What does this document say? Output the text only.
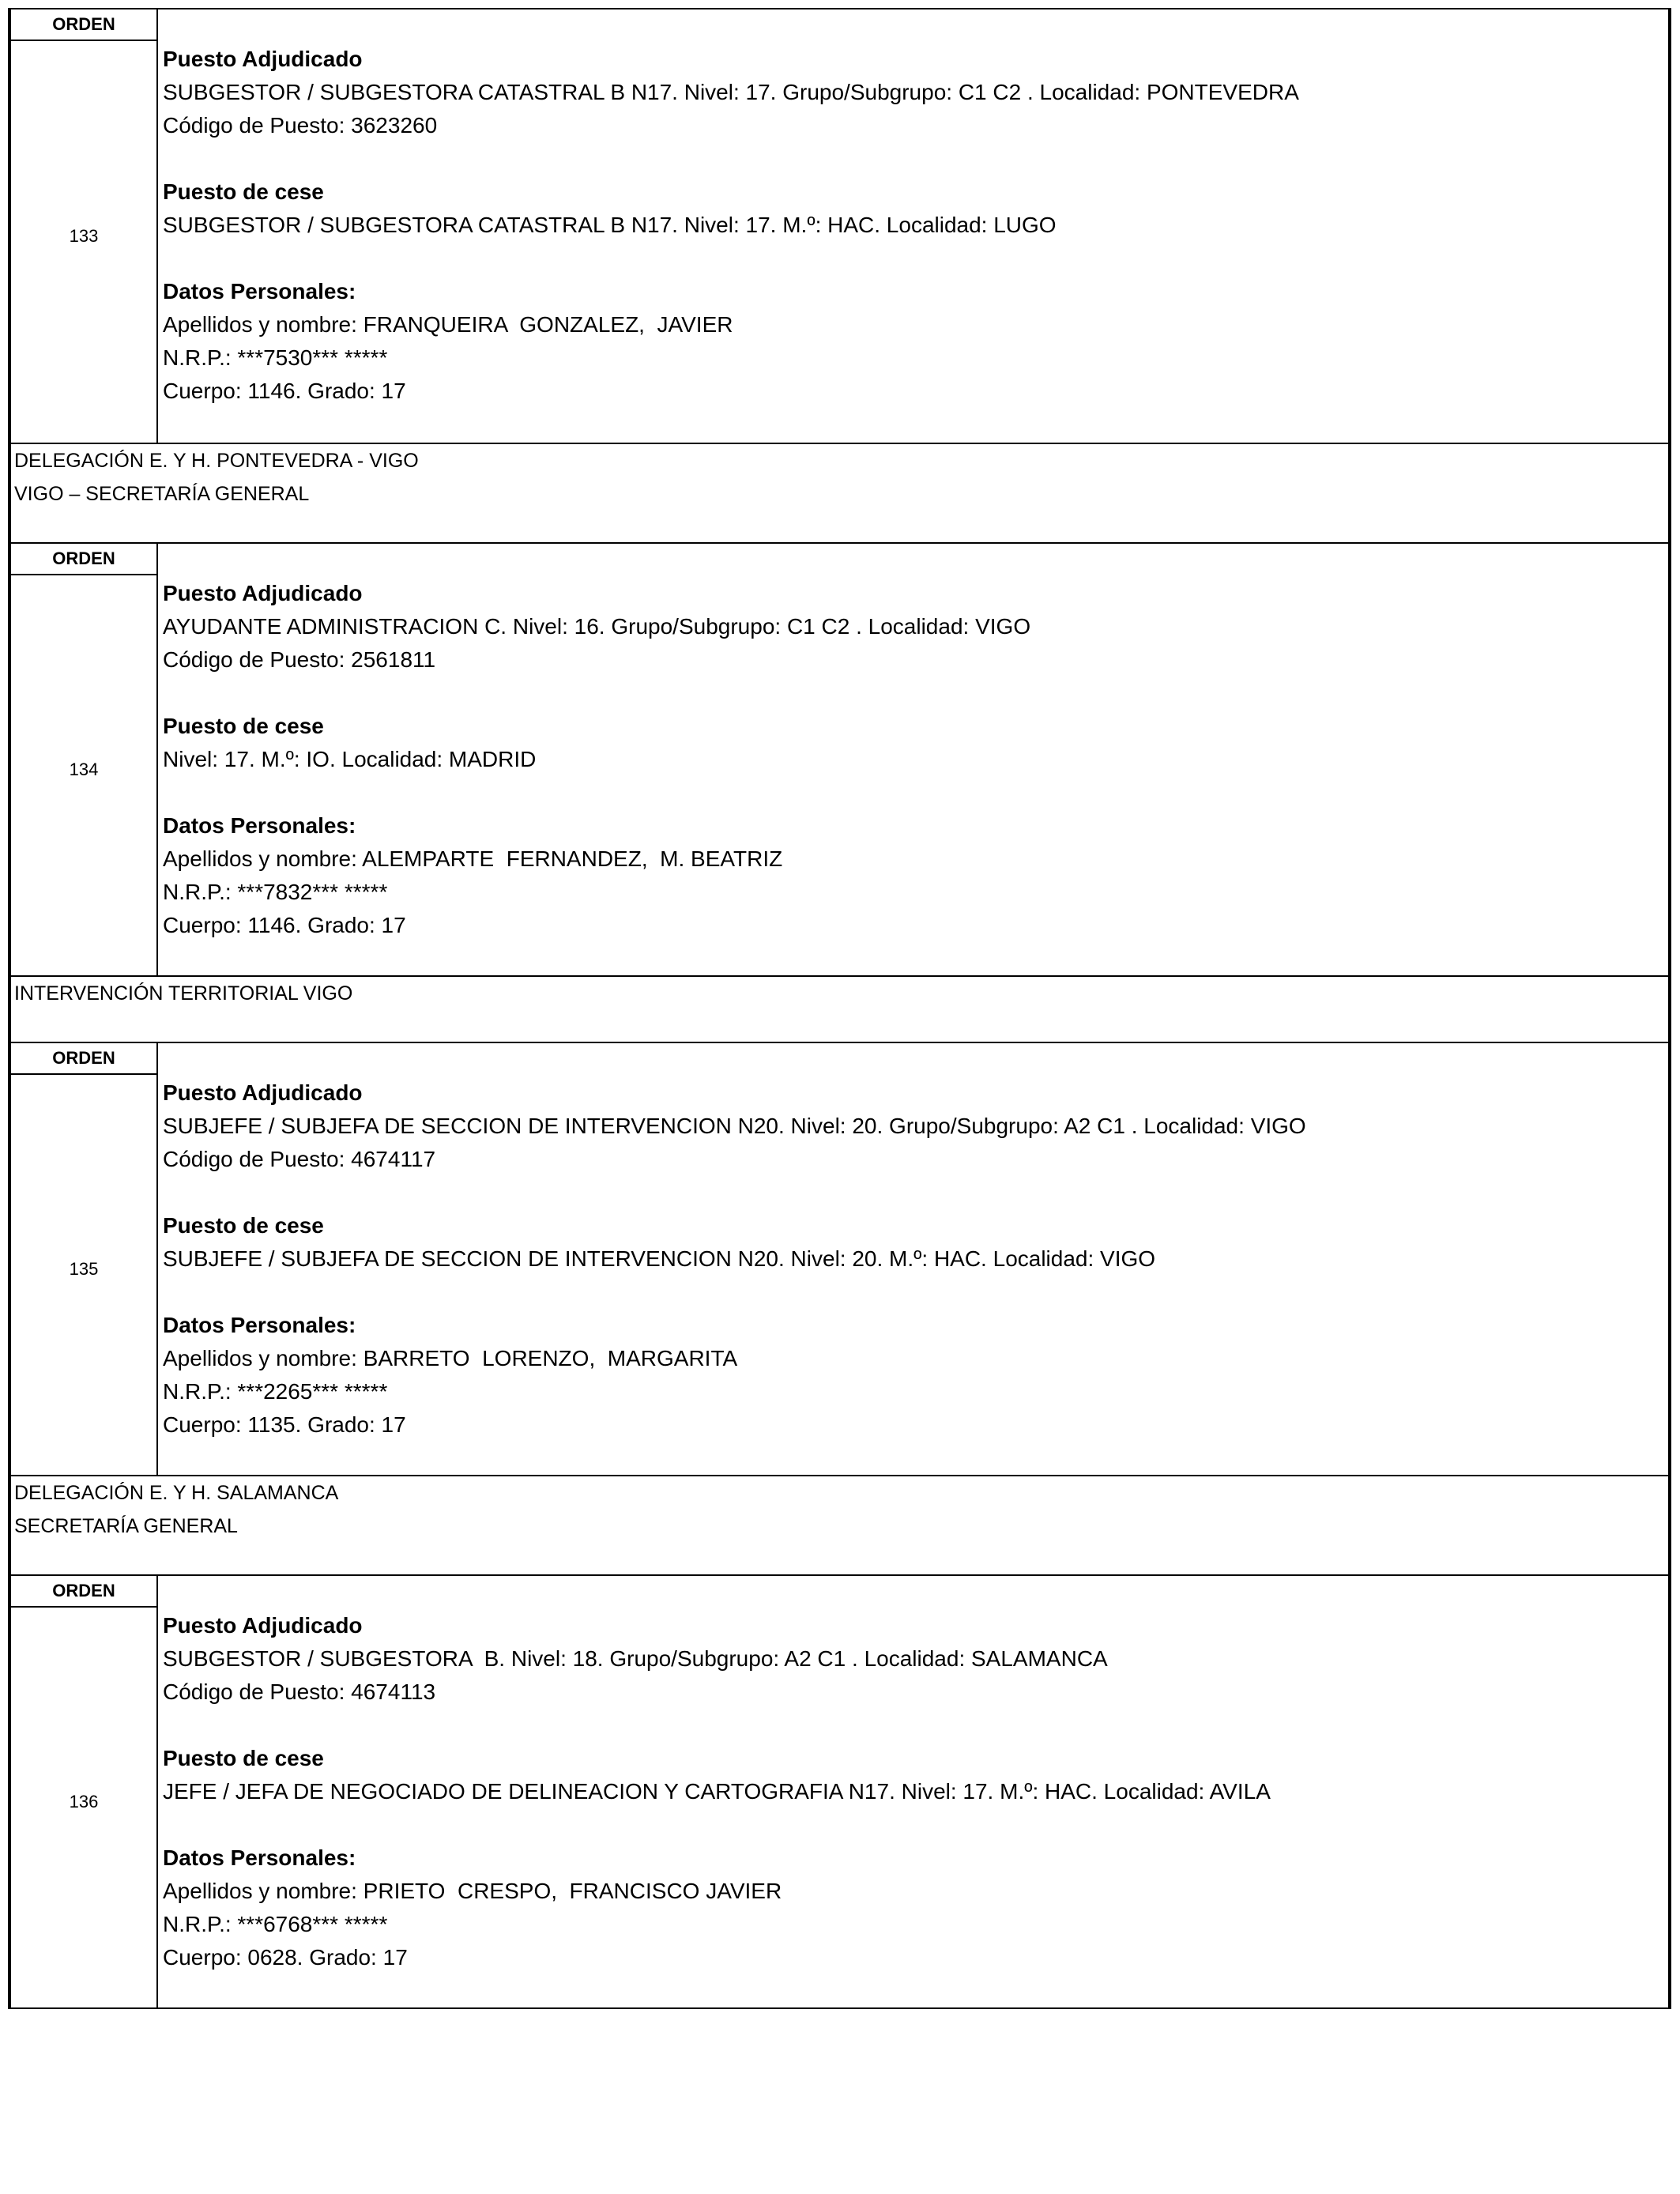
ORDEN
133
Puesto Adjudicado
SUBGESTOR / SUBGESTORA CATASTRAL B N17. Nivel: 17. Grupo/Subgrupo: C1 C2 . Localidad: PONTEVEDRA
Código de Puesto: 3623260
Puesto de cese
SUBGESTOR / SUBGESTORA CATASTRAL B N17. Nivel: 17. M.º: HAC. Localidad: LUGO
Datos Personales:
Apellidos y nombre: FRANQUEIRA  GONZALEZ,  JAVIER
N.R.P.: ***7530*** *****
Cuerpo: 1146. Grado: 17
DELEGACIÓN E. Y H. PONTEVEDRA - VIGO
VIGO – SECRETARÍA GENERAL
ORDEN
134
Puesto Adjudicado
AYUDANTE ADMINISTRACION C. Nivel: 16. Grupo/Subgrupo: C1 C2 . Localidad: VIGO
Código de Puesto: 2561811
Puesto de cese
Nivel: 17. M.º: IO. Localidad: MADRID
Datos Personales:
Apellidos y nombre: ALEMPARTE  FERNANDEZ,  M. BEATRIZ
N.R.P.: ***7832*** *****
Cuerpo: 1146. Grado: 17
INTERVENCIÓN TERRITORIAL VIGO
ORDEN
135
Puesto Adjudicado
SUBJEFE / SUBJEFA DE SECCION DE INTERVENCION N20. Nivel: 20. Grupo/Subgrupo: A2 C1 . Localidad: VIGO
Código de Puesto: 4674117
Puesto de cese
SUBJEFE / SUBJEFA DE SECCION DE INTERVENCION N20. Nivel: 20. M.º: HAC. Localidad: VIGO
Datos Personales:
Apellidos y nombre: BARRETO  LORENZO,  MARGARITA
N.R.P.: ***2265*** *****
Cuerpo: 1135. Grado: 17
DELEGACIÓN E. Y H. SALAMANCA
SECRETARÍA GENERAL
ORDEN
136
Puesto Adjudicado
SUBGESTOR / SUBGESTORA  B. Nivel: 18. Grupo/Subgrupo: A2 C1 . Localidad: SALAMANCA
Código de Puesto: 4674113
Puesto de cese
JEFE / JEFA DE NEGOCIADO DE DELINEACION Y CARTOGRAFIA N17. Nivel: 17. M.º: HAC. Localidad: AVILA
Datos Personales:
Apellidos y nombre: PRIETO  CRESPO,  FRANCISCO JAVIER
N.R.P.: ***6768*** *****
Cuerpo: 0628. Grado: 17
